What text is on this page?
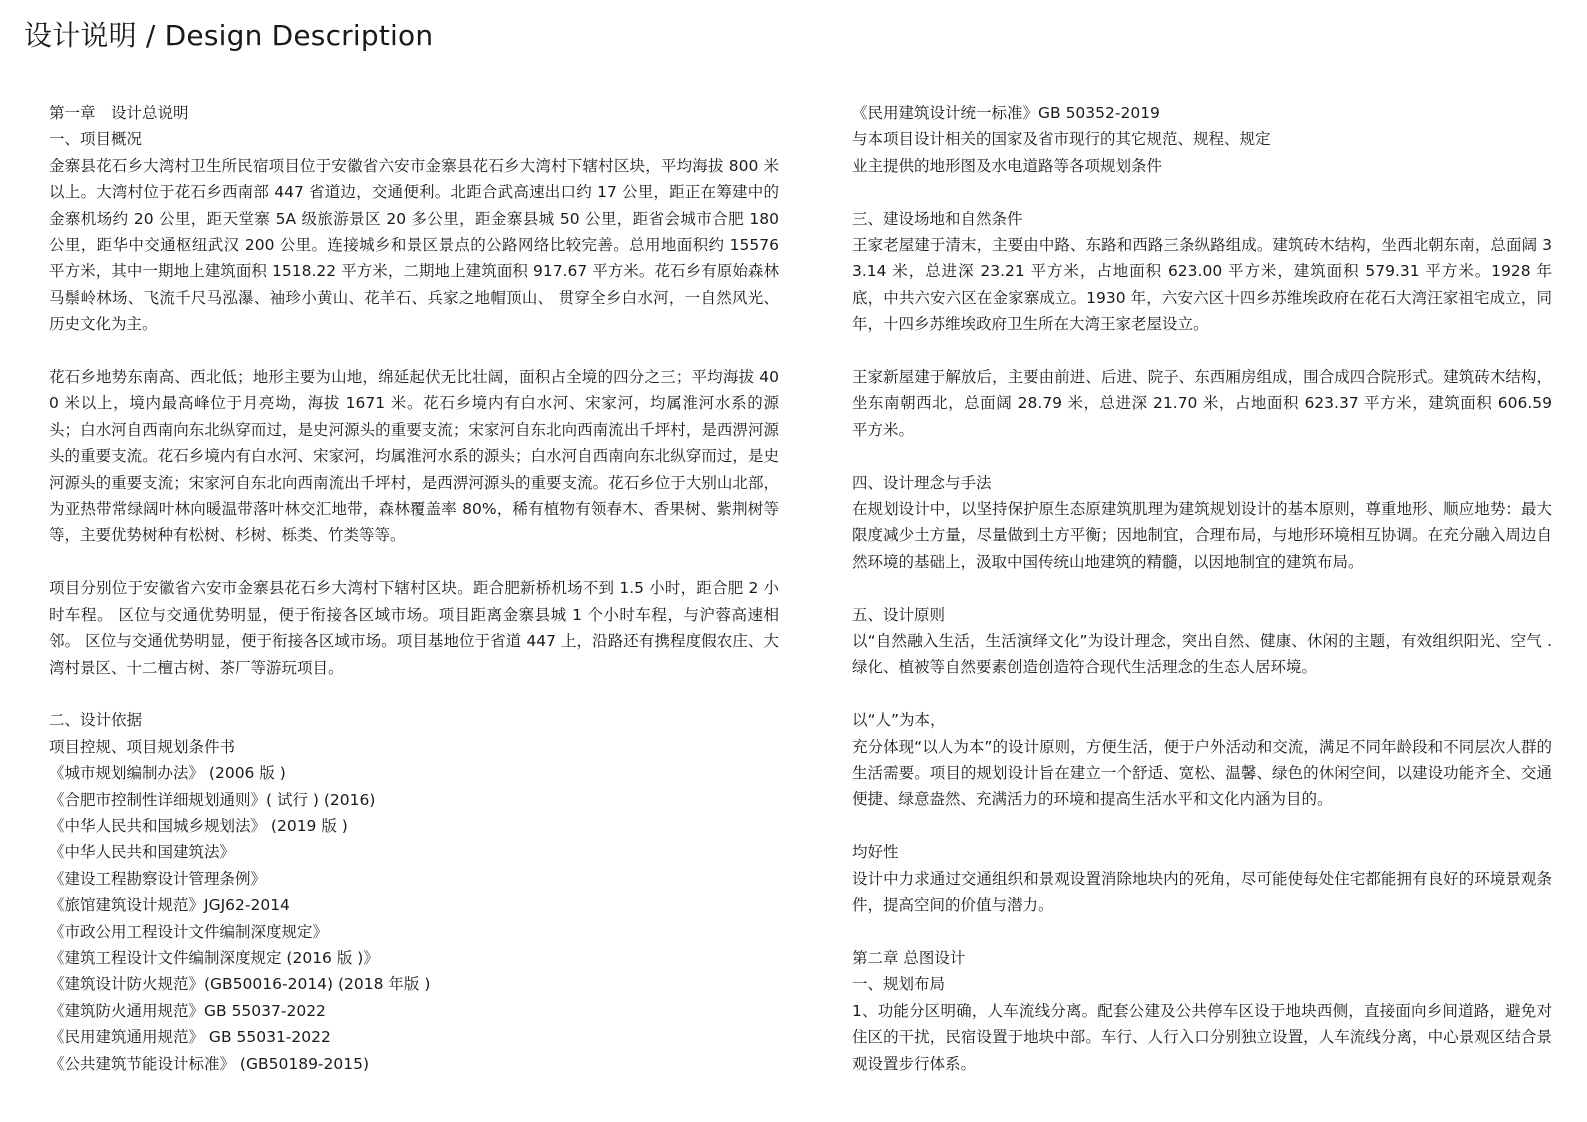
设计说明 / Design Description

第一章　设计总说明

一、项目概况

金寨县花石乡大湾村卫生所民宿项目位于安徽省六安市金寨县花石乡大湾村下辖村区块，平均海拔 800 米以上。大湾村位于花石乡西南部 447 省道边，交通便利。北距合武高速出口约 17 公里，距正在筹建中的金寨机场约 20 公里，距天堂寨 5A 级旅游景区 20 多公里，距金寨县城 50 公里，距省会城市合肥 180 公里，距华中交通枢纽武汉 200 公里。连接城乡和景区景点的公路网络比较完善。总用地面积约 15576 平方米，其中一期地上建筑面积 1518.22 平方米，二期地上建筑面积 917.67 平方米。花石乡有原始森林马鬃岭林场、飞流千尺马泓瀑、袖珍小黄山、花羊石、兵家之地帽顶山、 贯穿全乡白水河，一自然风光、历史文化为主。

花石乡地势东南高、西北低；地形主要为山地，绵延起伏无比壮阔，面积占全境的四分之三；平均海拔 400 米以上，境内最高峰位于月亮坳，海拔 1671 米。花石乡境内有白水河、宋家河，均属淮河水系的源头；白水河自西南向东北纵穿而过，是史河源头的重要支流；宋家河自东北向西南流出千坪村，是西淠河源头的重要支流。花石乡境内有白水河、宋家河，均属淮河水系的源头；白水河自西南向东北纵穿而过，是史河源头的重要支流；宋家河自东北向西南流出千坪村，是西淠河源头的重要支流。花石乡位于大别山北部，为亚热带常绿阔叶林向暖温带落叶林交汇地带，森林覆盖率 80%，稀有植物有领春木、香果树、紫荆树等等，主要优势树种有松树、杉树、栎类、竹类等等。

项目分别位于安徽省六安市金寨县花石乡大湾村下辖村区块。距合肥新桥机场不到 1.5 小时，距合肥 2 小时车程。 区位与交通优势明显，便于衔接各区域市场。项目距离金寨县城 1 个小时车程，与沪蓉高速相邻。 区位与交通优势明显，便于衔接各区域市场。项目基地位于省道 447 上，沿路还有携程度假农庄、大湾村景区、十二檀古树、茶厂等游玩项目。

二、设计依据

项目控规、项目规划条件书

《城市规划编制办法》 (2006 版 )

《合肥市控制性详细规划通则》( 试行 ) (2016)

《中华人民共和国城乡规划法》 (2019 版 )

《中华人民共和国建筑法》

《建设工程勘察设计管理条例》

《旅馆建筑设计规范》JGJ62-2014

《市政公用工程设计文件编制深度规定》

《建筑工程设计文件编制深度规定 (2016 版 )》

《建筑设计防火规范》(GB50016-2014) (2018 年版 )

《建筑防火通用规范》GB 55037-2022

《民用建筑通用规范》 GB 55031-2022

《公共建筑节能设计标准》 (GB50189-2015)

《民用建筑设计统一标准》GB 50352-2019

与本项目设计相关的国家及省市现行的其它规范、规程、规定

业主提供的地形图及水电道路等各项规划条件

三、建设场地和自然条件

王家老屋建于清末，主要由中路、东路和西路三条纵路组成。建筑砖木结构，坐西北朝东南，总面阔 33.14 米，总进深 23.21 平方米，占地面积 623.00 平方米，建筑面积 579.31 平方米。1928 年底，中共六安六区在金家寨成立。1930 年，六安六区十四乡苏维埃政府在花石大湾汪家祖宅成立，同年，十四乡苏维埃政府卫生所在大湾王家老屋设立。

王家新屋建于解放后，主要由前进、后进、院子、东西厢房组成，围合成四合院形式。建筑砖木结构，坐东南朝西北，总面阔 28.79 米，总进深 21.70 米，占地面积 623.37 平方米，建筑面积 606.59 平方米。

四、设计理念与手法

在规划设计中，以坚持保护原生态原建筑肌理为建筑规划设计的基本原则，尊重地形、顺应地势：最大限度减少土方量，尽量做到土方平衡；因地制宜，合理布局，与地形环境相互协调。在充分融入周边自然环境的基础上，汲取中国传统山地建筑的精髓，以因地制宜的建筑布局。

五、设计原则

以“自然融入生活，生活演绎文化”为设计理念，突出自然、健康、休闲的主题，有效组织阳光、空气 . 绿化、植被等自然要素创造创造符合现代生活理念的生态人居环境。

以“人”为本，

充分体现“以人为本”的设计原则，方便生活，便于户外活动和交流，满足不同年龄段和不同层次人群的生活需要。项目的规划设计旨在建立一个舒适、宽松、温馨、绿色的休闲空间，以建设功能齐全、交通便捷、绿意盎然、充满活力的环境和提高生活水平和文化内涵为目的。

均好性

设计中力求通过交通组织和景观设置消除地块内的死角，尽可能使每处住宅都能拥有良好的环境景观条件，提高空间的价值与潜力。

第二章 总图设计

一、规划布局

1、功能分区明确，人车流线分离。配套公建及公共停车区设于地块西侧，直接面向乡间道路，避免对住区的干扰，民宿设置于地块中部。车行、人行入口分别独立设置，人车流线分离，中心景观区结合景观设置步行体系。
